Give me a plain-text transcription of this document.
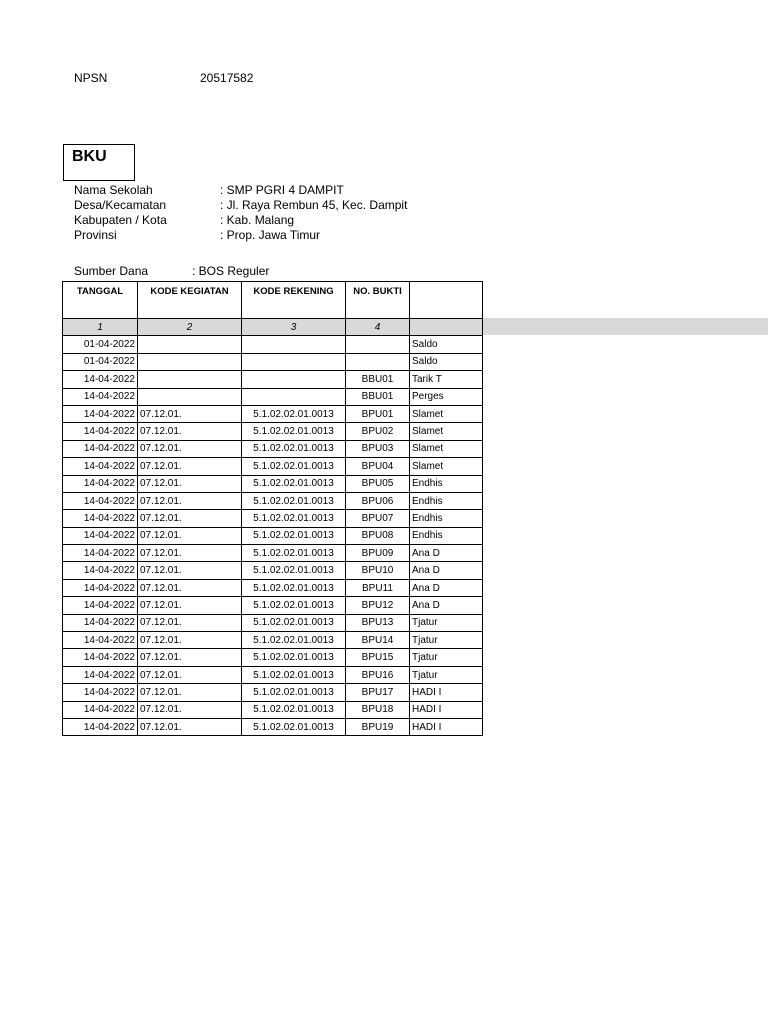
NPSN	20517582
BKU
Nama Sekolah	: SMP PGRI 4 DAMPIT
Desa/Kecamatan	: Jl. Raya Rembun 45, Kec. Dampit
Kabupaten / Kota	: Kab. Malang
Provinsi	: Prop. Jawa Timur
Sumber Dana	: BOS Reguler
TANGGAL	KODE KEGIATAN	KODE REKENING	NO. BUKTI	
1	2	3	4	
01-04-2022				Saldo
01-04-2022				Saldo
14-04-2022			BBU01	Tarik T
14-04-2022			BBU01	Perges
14-04-2022	07.12.01.	5.1.02.02.01.0013	BPU01	Slamet
14-04-2022	07.12.01.	5.1.02.02.01.0013	BPU02	Slamet
14-04-2022	07.12.01.	5.1.02.02.01.0013	BPU03	Slamet
14-04-2022	07.12.01.	5.1.02.02.01.0013	BPU04	Slamet
14-04-2022	07.12.01.	5.1.02.02.01.0013	BPU05	Endhis
14-04-2022	07.12.01.	5.1.02.02.01.0013	BPU06	Endhis
14-04-2022	07.12.01.	5.1.02.02.01.0013	BPU07	Endhis
14-04-2022	07.12.01.	5.1.02.02.01.0013	BPU08	Endhis
14-04-2022	07.12.01.	5.1.02.02.01.0013	BPU09	Ana D
14-04-2022	07.12.01.	5.1.02.02.01.0013	BPU10	Ana D
14-04-2022	07.12.01.	5.1.02.02.01.0013	BPU11	Ana D
14-04-2022	07.12.01.	5.1.02.02.01.0013	BPU12	Ana D
14-04-2022	07.12.01.	5.1.02.02.01.0013	BPU13	Tjatur
14-04-2022	07.12.01.	5.1.02.02.01.0013	BPU14	Tjatur
14-04-2022	07.12.01.	5.1.02.02.01.0013	BPU15	Tjatur
14-04-2022	07.12.01.	5.1.02.02.01.0013	BPU16	Tjatur
14-04-2022	07.12.01.	5.1.02.02.01.0013	BPU17	HADI I
14-04-2022	07.12.01.	5.1.02.02.01.0013	BPU18	HADI I
14-04-2022	07.12.01.	5.1.02.02.01.0013	BPU19	HADI I
